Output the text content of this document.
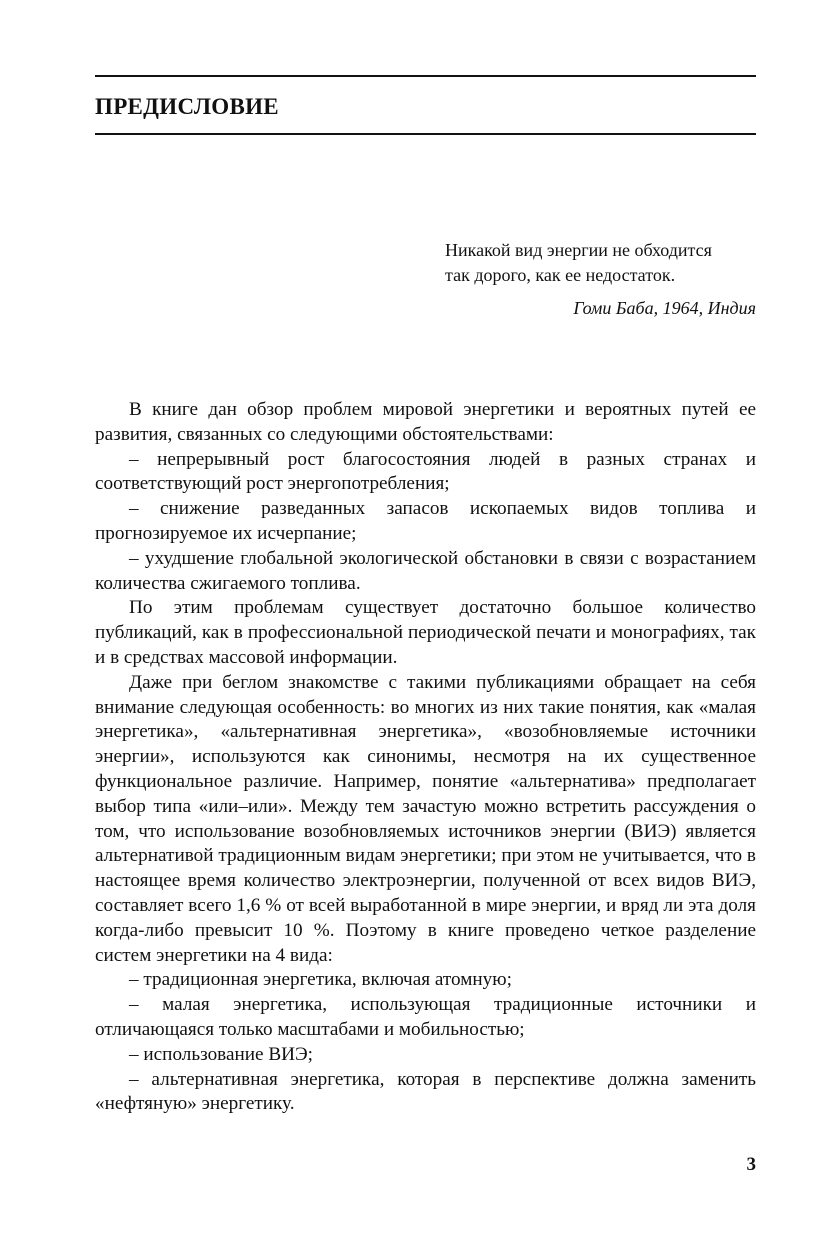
ПРЕДИСЛОВИЕ
Никакой вид энергии не обходится
так дорого, как ее недостаток.
Гоми Баба, 1964, Индия

В книге дан обзор проблем мировой энергетики и вероятных путей ее развития, связанных со следующими обстоятельствами:

– непрерывный рост благосостояния людей в разных странах и соответствующий рост энергопотребления;

– снижение разведанных запасов ископаемых видов топлива и прогнозируемое их исчерпание;

– ухудшение глобальной экологической обстановки в связи с возрастанием количества сжигаемого топлива.

По этим проблемам существует достаточно большое количество публикаций, как в профессиональной периодической печати и монографиях, так и в средствах массовой информации.

Даже при беглом знакомстве с такими публикациями обращает на себя внимание следующая особенность: во многих из них такие понятия, как «малая энергетика», «альтернативная энергетика», «возобновляемые источники энергии», используются как синонимы, несмотря на их существенное функциональное различие. Например, понятие «альтернатива» предполагает выбор типа «или–или». Между тем зачастую можно встретить рассуждения о том, что использование возобновляемых источников энергии (ВИЭ) является альтернативой традиционным видам энергетики; при этом не учитывается, что в настоящее время количество электроэнергии, полученной от всех видов ВИЭ, составляет всего 1,6 % от всей выработанной в мире энергии, и вряд ли эта доля когда-либо превысит 10 %. Поэтому в книге проведено четкое разделение систем энергетики на 4 вида:

– традиционная энергетика, включая атомную;

– малая энергетика, использующая традиционные источники и отличающаяся только масштабами и мобильностью;

– использование ВИЭ;

– альтернативная энергетика, которая в перспективе должна заменить «нефтяную» энергетику.

3
